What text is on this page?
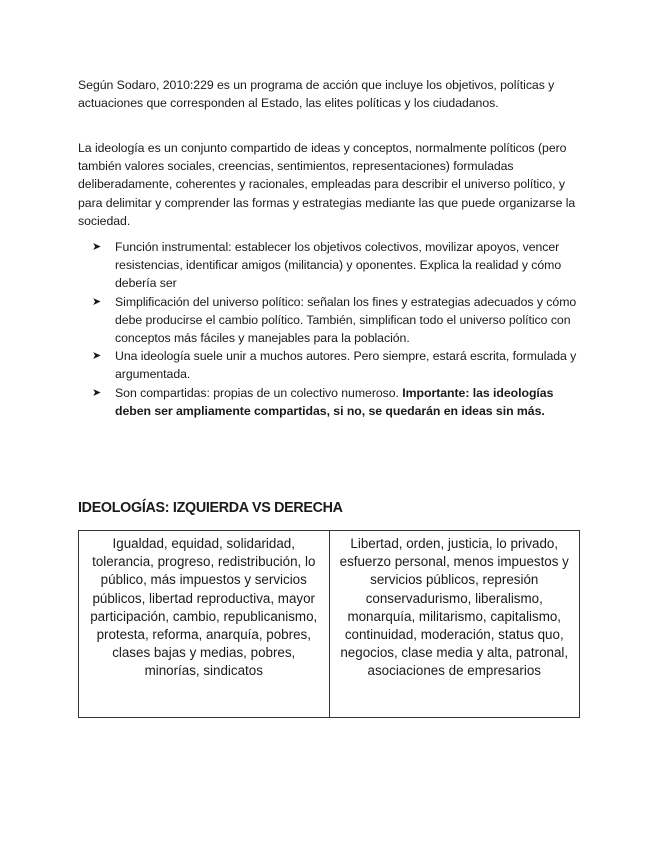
Según Sodaro, 2010:229 es un programa de acción que incluye los objetivos, políticas y actuaciones que corresponden al Estado, las elites políticas y los ciudadanos.

La ideología es un conjunto compartido de ideas y conceptos, normalmente políticos (pero también valores sociales, creencias, sentimientos, representaciones) formuladas deliberadamente, coherentes y racionales, empleadas para describir el universo político, y para delimitar y comprender las formas y estrategias mediante las que puede organizarse la sociedad.

➤ Función instrumental: establecer los objetivos colectivos, movilizar apoyos, vencer resistencias, identificar amigos (militancia) y oponentes. Explica la realidad y cómo debería ser
➤ Simplificación del universo político: señalan los fines y estrategias adecuados y cómo debe producirse el cambio político. También, simplifican todo el universo político con conceptos más fáciles y manejables para la población.
➤ Una ideología suele unir a muchos autores. Pero siempre, estará escrita, formulada y argumentada.
➤ Son compartidas: propias de un colectivo numeroso. Importante: las ideologías deben ser ampliamente compartidas, si no, se quedarán en ideas sin más.
IDEOLOGÍAS: IZQUIERDA VS DERECHA
Igualdad, equidad, solidaridad, tolerancia, progreso, redistribución, lo público, más impuestos y servicios públicos, libertad reproductiva, mayor participación, cambio, republicanismo, protesta, reforma, anarquía, pobres, clases bajas y medias, pobres, minorías, sindicatos	Libertad, orden, justicia, lo privado, esfuerzo personal, menos impuestos y servicios públicos, represión conservadurismo, liberalismo, monarquía, militarismo, capitalismo, continuidad, moderación, status quo, negocios, clase media y alta, patronal, asociaciones de empresarios
